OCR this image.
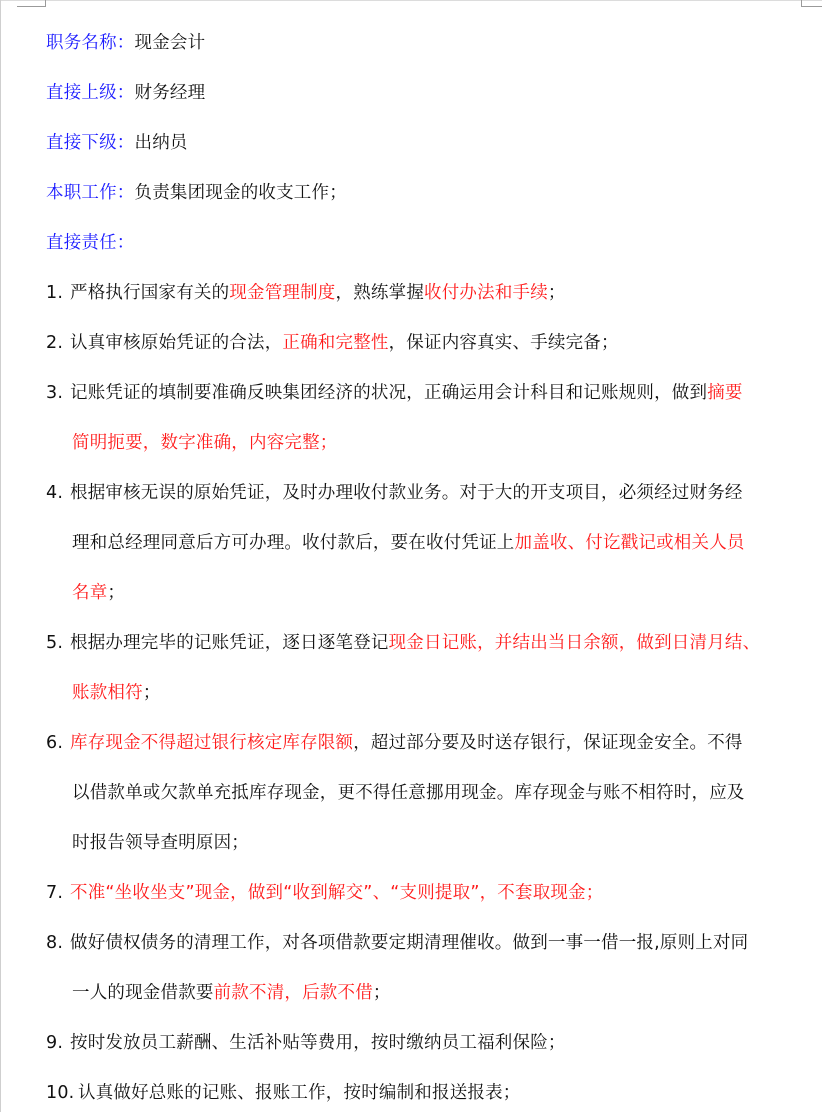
职务名称：现金会计
直接上级：财务经理
直接下级：出纳员
本职工作：负责集团现金的收支工作；
直接责任：
1. 严格执行国家有关的现金管理制度，熟练掌握收付办法和手续；
2. 认真审核原始凭证的合法，正确和完整性，保证内容真实、手续完备；
3. 记账凭证的填制要准确反映集团经济的状况，正确运用会计科目和记账规则，做到摘要
简明扼要，数字准确，内容完整；
4. 根据审核无误的原始凭证，及时办理收付款业务。对于大的开支项目，必须经过财务经
理和总经理同意后方可办理。收付款后，要在收付凭证上加盖收、付讫戳记或相关人员
名章；
5. 根据办理完毕的记账凭证，逐日逐笔登记现金日记账，并结出当日余额，做到日清月结、
账款相符；
6. 库存现金不得超过银行核定库存限额，超过部分要及时送存银行，保证现金安全。不得
以借款单或欠款单充抵库存现金，更不得任意挪用现金。库存现金与账不相符时，应及
时报告领导查明原因；
7. 不准“坐收坐支”现金，做到“收到解交”、“支则提取”，不套取现金；
8. 做好债权债务的清理工作，对各项借款要定期清理催收。做到一事一借一报,原则上对同
一人的现金借款要前款不清，后款不借；
9. 按时发放员工薪酬、生活补贴等费用，按时缴纳员工福利保险；
10. 认真做好总账的记账、报账工作，按时编制和报送报表；
